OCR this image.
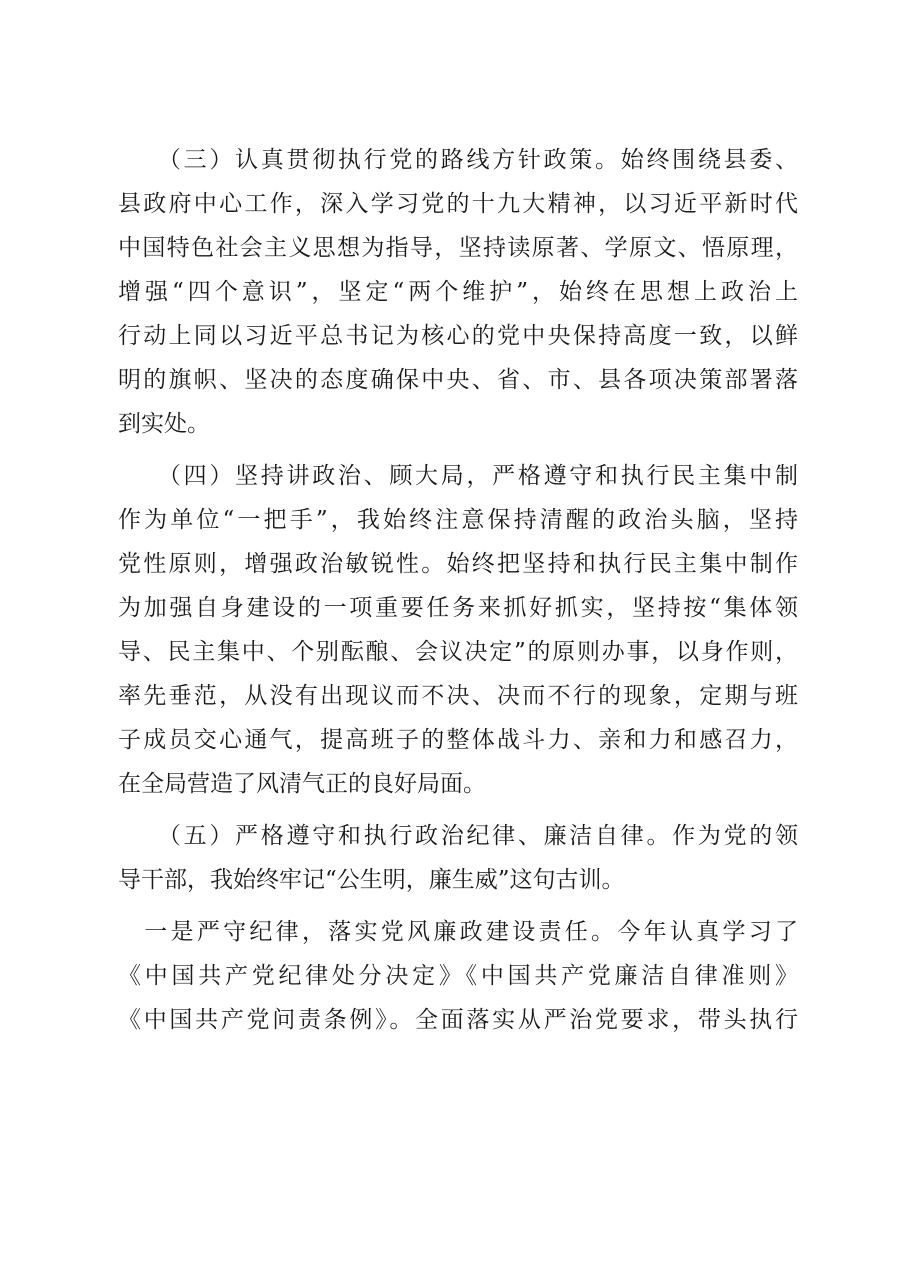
　　（三）认真贯彻执行党的路线方针政策。始终围绕县委、
县政府中心工作，深入学习党的十九大精神，以习近平新时代
中国特色社会主义思想为指导，坚持读原著、学原文、悟原理，
增强“四个意识”，坚定“两个维护”，始终在思想上政治上
行动上同以习近平总书记为核心的党中央保持高度一致，以鲜
明的旗帜、坚决的态度确保中央、省、市、县各项决策部署落
到实处。
　　（四）坚持讲政治、顾大局，严格遵守和执行民主集中制
作为单位“一把手”，我始终注意保持清醒的政治头脑，坚持
党性原则，增强政治敏锐性。始终把坚持和执行民主集中制作
为加强自身建设的一项重要任务来抓好抓实，坚持按“集体领
导、民主集中、个别酝酿、会议决定”的原则办事，以身作则，
率先垂范，从没有出现议而不决、决而不行的现象，定期与班
子成员交心通气，提高班子的整体战斗力、亲和力和感召力，
在全局营造了风清气正的良好局面。
　　（五）严格遵守和执行政治纪律、廉洁自律。作为党的领
导干部，我始终牢记“公生明，廉生威”这句古训。
　一是严守纪律，落实党风廉政建设责任。今年认真学习了
《中国共产党纪律处分决定》《中国共产党廉洁自律准则》
《中国共产党问责条例》。全面落实从严治党要求，带头执行
